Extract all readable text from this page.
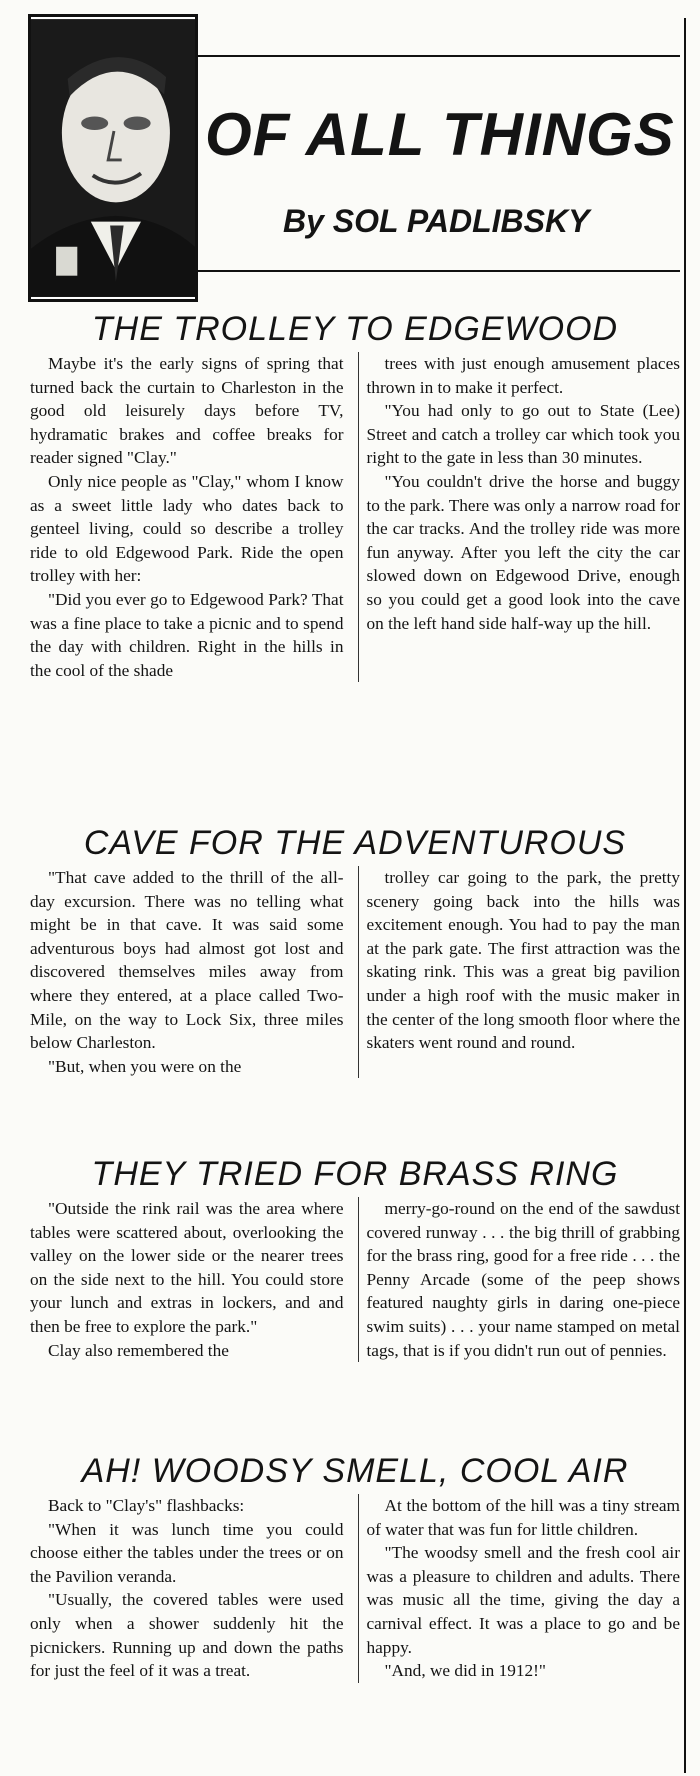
OF ALL THINGS
By SOL PADLIBSKY
THE TROLLEY TO EDGEWOOD

Maybe it's the early signs of spring that turned back the curtain to Charleston in the good old leisurely days before TV, hydramatic brakes and coffee breaks for reader signed "Clay."

Only nice people as "Clay," whom I know as a sweet little lady who dates back to genteel living, could so describe a trolley ride to old Edgewood Park. Ride the open trolley with her:

"Did you ever go to Edgewood Park? That was a fine place to take a picnic and to spend the day with children. Right in the hills in the cool of the shade

trees with just enough amusement places thrown in to make it perfect.

"You had only to go out to State (Lee) Street and catch a trolley car which took you right to the gate in less than 30 minutes.

"You couldn't drive the horse and buggy to the park. There was only a narrow road for the car tracks. And the trolley ride was more fun anyway. After you left the city the car slowed down on Edgewood Drive, enough so you could get a good look into the cave on the left hand side half-way up the hill.

CAVE FOR THE ADVENTUROUS

"That cave added to the thrill of the all-day excursion. There was no telling what might be in that cave. It was said some adventurous boys had almost got lost and discovered themselves miles away from where they entered, at a place called Two-Mile, on the way to Lock Six, three miles below Charleston.

"But, when you were on the

trolley car going to the park, the pretty scenery going back into the hills was excitement enough. You had to pay the man at the park gate. The first attraction was the skating rink. This was a great big pavilion under a high roof with the music maker in the center of the long smooth floor where the skaters went round and round.

THEY TRIED FOR BRASS RING

"Outside the rink rail was the area where tables were scattered about, overlooking the valley on the lower side or the nearer trees on the side next to the hill. You could store your lunch and extras in lockers, and and then be free to explore the park."

Clay also remembered the

merry-go-round on the end of the sawdust covered runway . . . the big thrill of grabbing for the brass ring, good for a free ride . . . the Penny Arcade (some of the peep shows featured naughty girls in daring one-piece swim suits) . . . your name stamped on metal tags, that is if you didn't run out of pennies.

AH! WOODSY SMELL, COOL AIR

Back to "Clay's" flashbacks:

"When it was lunch time you could choose either the tables under the trees or on the Pavilion veranda.

"Usually, the covered tables were used only when a shower suddenly hit the picnickers. Running up and down the paths for just the feel of it was a treat.

At the bottom of the hill was a tiny stream of water that was fun for little children.

"The woodsy smell and the fresh cool air was a pleasure to children and adults. There was music all the time, giving the day a carnival effect. It was a place to go and be happy.

"And, we did in 1912!"
